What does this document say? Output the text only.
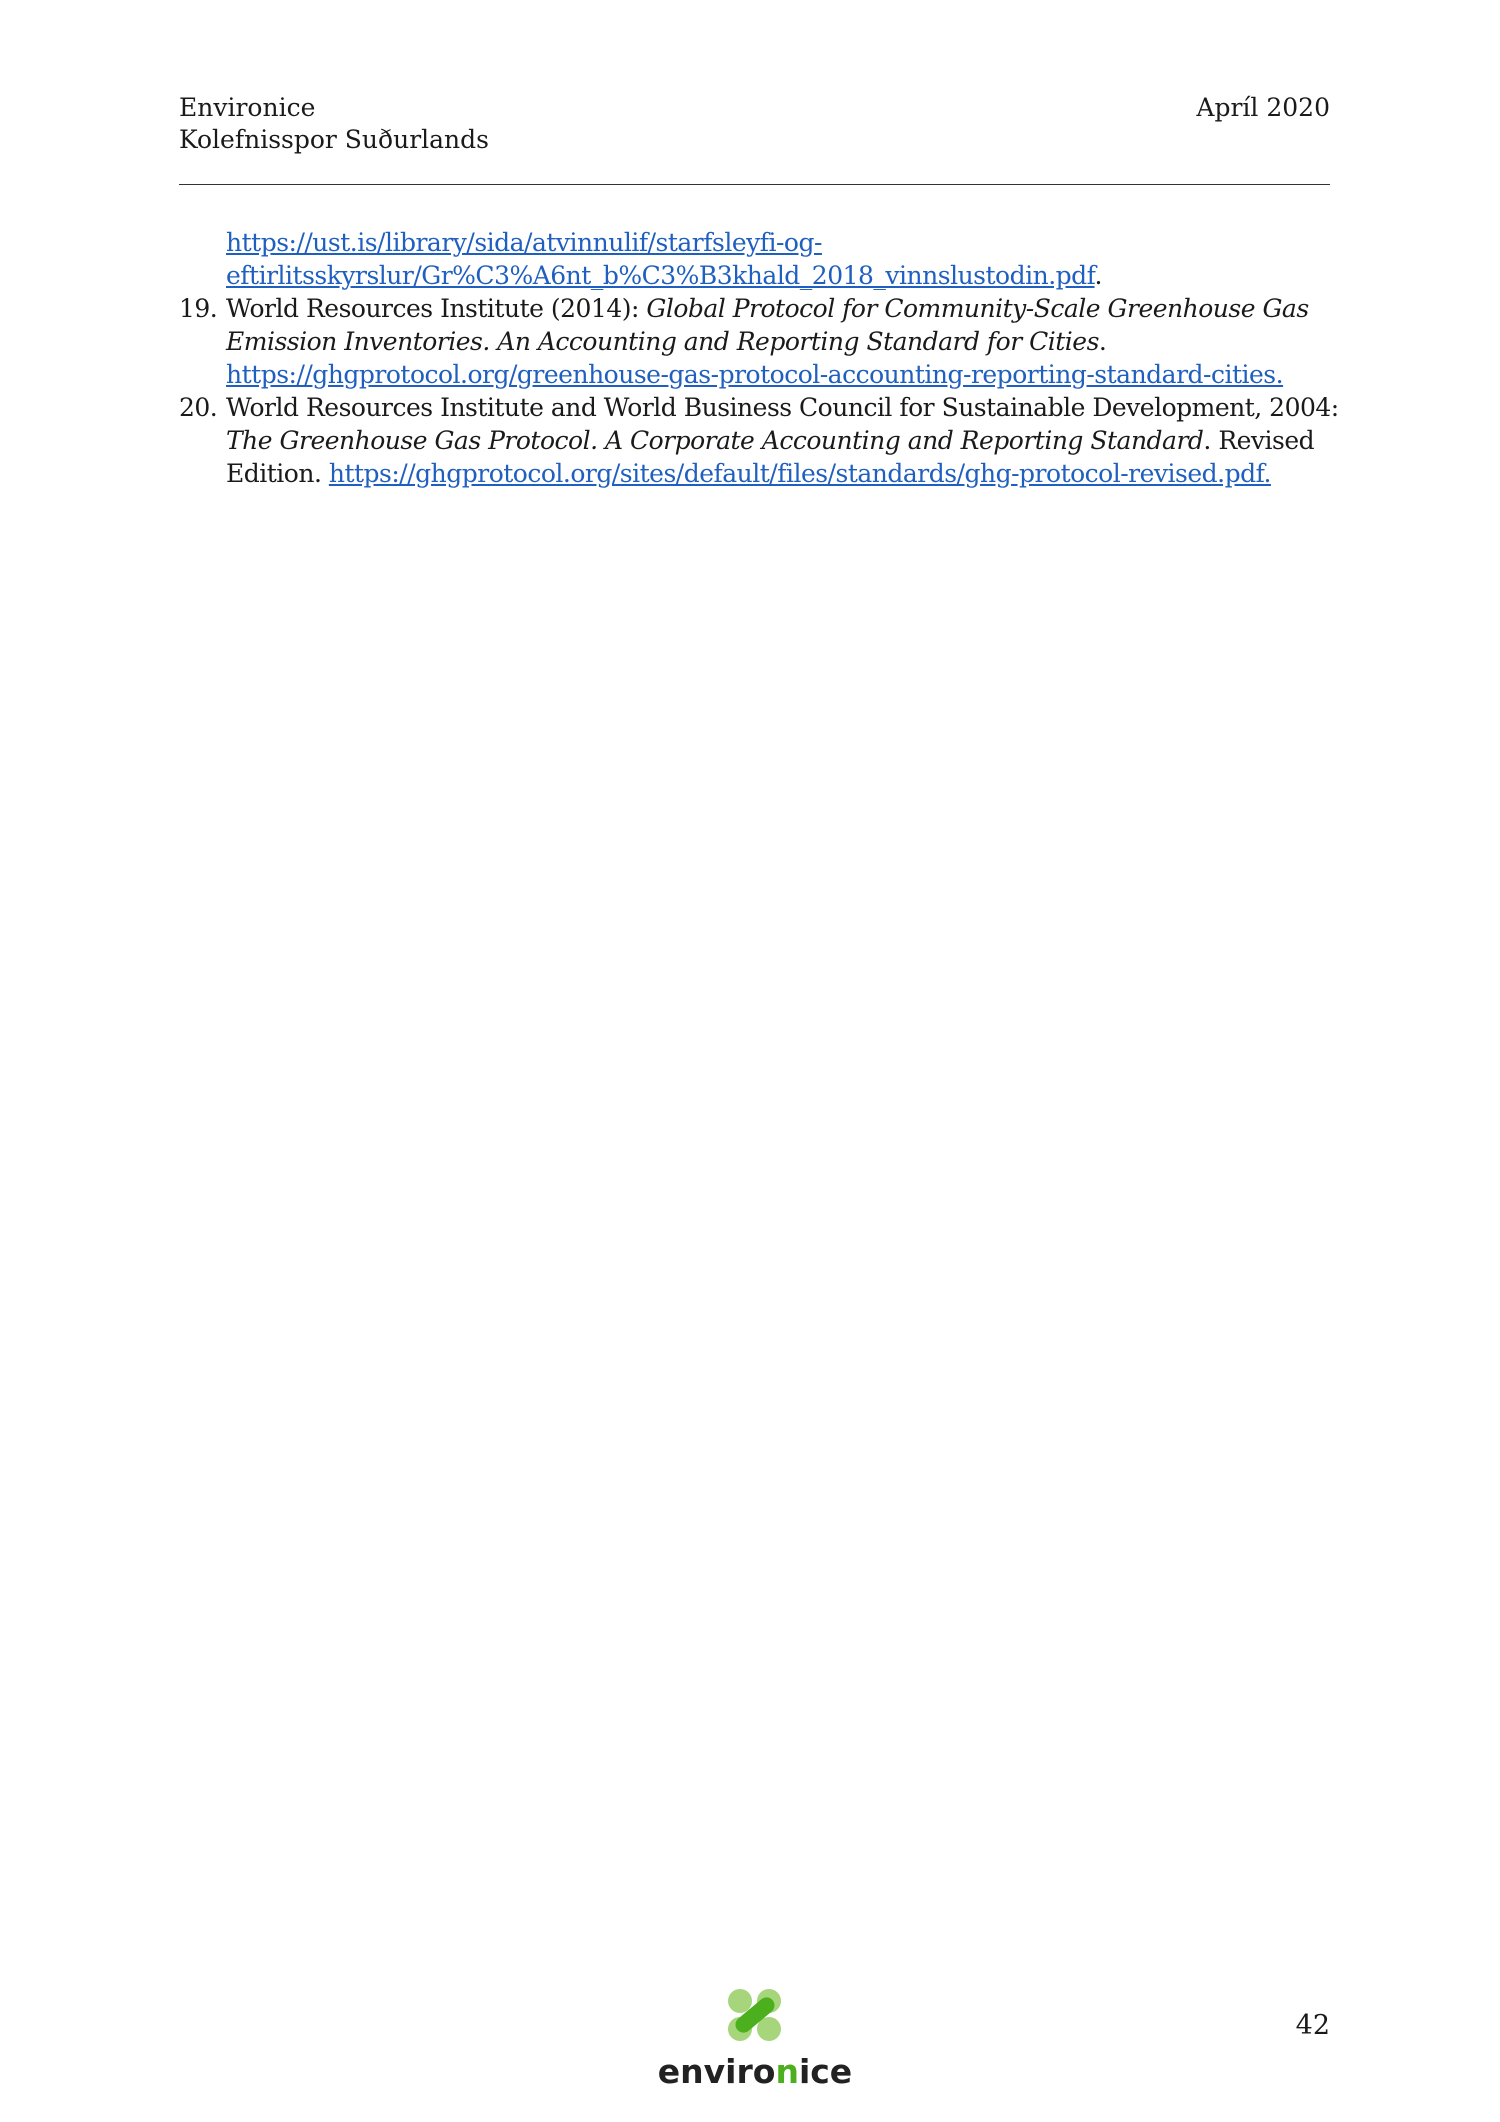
Environice
Kolefnisspor Suðurlands
Apríl 2020
https://ust.is/library/sida/atvinnulif/starfsleyfi-og-
eftirlitsskyrslur/Gr%C3%A6nt_b%C3%B3khald_2018_vinnslustodin.pdf.
19. World Resources Institute (2014): Global Protocol for Community-Scale Greenhouse Gas
Emission Inventories. An Accounting and Reporting Standard for Cities.
https://ghgprotocol.org/greenhouse-gas-protocol-accounting-reporting-standard-cities.
20. World Resources Institute and World Business Council for Sustainable Development, 2004:
The Greenhouse Gas Protocol. A Corporate Accounting and Reporting Standard. Revised
Edition. https://ghgprotocol.org/sites/default/files/standards/ghg-protocol-revised.pdf.
environice
42
